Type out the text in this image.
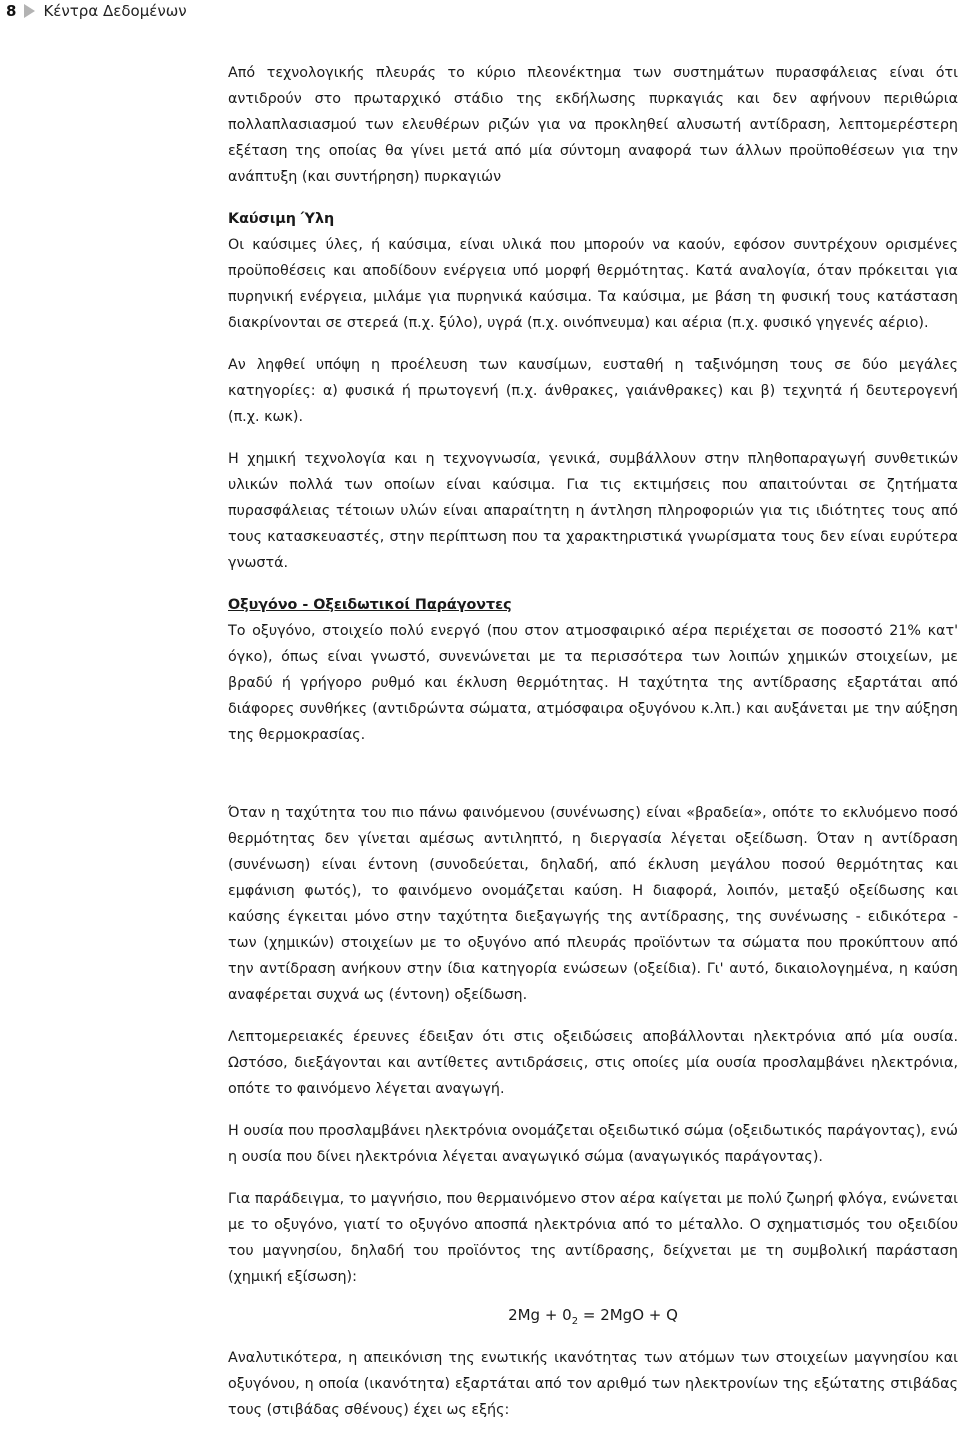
8 Κέντρα Δεδομένων

Από τεχνολογικής πλευράς το κύριο πλεονέκτημα των συστημάτων πυρασφάλειας είναι ότι αντιδρούν στο πρωταρχικό στάδιο της εκδήλωσης πυρκαγιάς και δεν αφήνουν περιθώρια πολλαπλασιασμού των ελευθέρων ριζών για να προκληθεί αλυσωτή αντίδραση, λεπτομερέστερη εξέταση της οποίας θα γίνει μετά από μία σύντομη αναφορά των άλλων προϋποθέσεων για την ανάπτυξη (και συντήρηση) πυρκαγιών

Καύσιμη Ύλη

Οι καύσιμες ύλες, ή καύσιμα, είναι υλικά που μπορούν να καούν, εφόσον συντρέχουν ορισμένες προϋποθέσεις και αποδίδουν ενέργεια υπό μορφή θερμότητας. Κατά αναλογία, όταν πρόκειται για πυρηνική ενέργεια, μιλάμε για πυρηνικά καύσιμα. Τα καύσιμα, με βάση τη φυσική τους κατάσταση διακρίνονται σε στερεά (π.χ. ξύλο), υγρά (π.χ. οινόπνευμα) και αέρια (π.χ. φυσικό γηγενές αέριο).

Αν ληφθεί υπόψη η προέλευση των καυσίμων, ευσταθή η ταξινόμηση τους σε δύο μεγάλες κατηγορίες: α) φυσικά ή πρωτογενή (π.χ. άνθρακες, γαιάνθρακες) και β) τεχνητά ή δευτερογενή (π.χ. κωκ).

Η χημική τεχνολογία και η τεχνογνωσία, γενικά, συμβάλλουν στην πληθοπαραγωγή συνθετικών υλικών πολλά των οποίων είναι καύσιμα. Για τις εκτιμήσεις που απαιτούνται σε ζητήματα πυρασφάλειας τέτοιων υλών είναι απαραίτητη η άντληση πληροφοριών για τις ιδιότητες τους από τους κατασκευαστές, στην περίπτωση που τα χαρακτηριστικά γνωρίσματα τους δεν είναι ευρύτερα γνωστά.

Οξυγόνο - Οξειδωτικοί Παράγοντες

Το οξυγόνο, στοιχείο πολύ ενεργό (που στον ατμοσφαιρικό αέρα περιέχεται σε ποσοστό 21% κατ' όγκο), όπως είναι γνωστό, συνενώνεται με τα περισσότερα των λοιπών χημικών στοιχείων, με βραδύ ή γρήγορο ρυθμό και έκλυση θερμότητας. Η ταχύτητα της αντίδρασης εξαρτάται από διάφορες συνθήκες (αντιδρώντα σώματα, ατμόσφαιρα οξυγόνου κ.λπ.) και αυξάνεται με την αύξηση της θερμοκρασίας.

Όταν η ταχύτητα του πιο πάνω φαινόμενου (συνένωσης) είναι «βραδεία», οπότε το εκλυόμενο ποσό θερμότητας δεν γίνεται αμέσως αντιληπτό, η διεργασία λέγεται οξείδωση. Όταν η αντίδραση (συνένωση) είναι έντονη (συνοδεύεται, δηλαδή, από έκλυση μεγάλου ποσού θερμότητας και εμφάνιση φωτός), το φαινόμενο ονομάζεται καύση. Η διαφορά, λοιπόν, μεταξύ οξείδωσης και καύσης έγκειται μόνο στην ταχύτητα διεξαγωγής της αντίδρασης, της συνένωσης - ειδικότερα - των (χημικών) στοιχείων με το οξυγόνο από πλευράς προϊόντων τα σώματα που προκύπτουν από την αντίδραση ανήκουν στην ίδια κατηγορία ενώσεων (οξείδια). Γι' αυτό, δικαιολογημένα, η καύση αναφέρεται συχνά ως (έντονη) οξείδωση.

Λεπτομερειακές έρευνες έδειξαν ότι στις οξειδώσεις αποβάλλονται ηλεκτρόνια από μία ουσία. Ωστόσο, διεξάγονται και αντίθετες αντιδράσεις, στις οποίες μία ουσία προσλαμβάνει ηλεκτρόνια, οπότε το φαινόμενο λέγεται αναγωγή.

Η ουσία που προσλαμβάνει ηλεκτρόνια ονομάζεται οξειδωτικό σώμα (οξειδωτικός παράγοντας), ενώ η ουσία που δίνει ηλεκτρόνια λέγεται αναγωγικό σώμα (αναγωγικός παράγοντας).

Για παράδειγμα, το μαγνήσιο, που θερμαινόμενο στον αέρα καίγεται με πολύ ζωηρή φλόγα, ενώνεται με το οξυγόνο, γιατί το οξυγόνο αποσπά ηλεκτρόνια από το μέταλλο. Ο σχηματισμός του οξειδίου του μαγνησίου, δηλαδή του προϊόντος της αντίδρασης, δείχνεται με τη συμβολική παράσταση (χημική εξίσωση):

$2Mg + 0_2 = 2MgO + Q$

Αναλυτικότερα, η απεικόνιση της ενωτικής ικανότητας των ατόμων των στοιχείων μαγνησίου και οξυγόνου, η οποία (ικανότητα) εξαρτάται από τον αριθμό των ηλεκτρονίων της εξώτατης στιβάδας τους (στιβάδας σθένους) έχει ως εξής:
